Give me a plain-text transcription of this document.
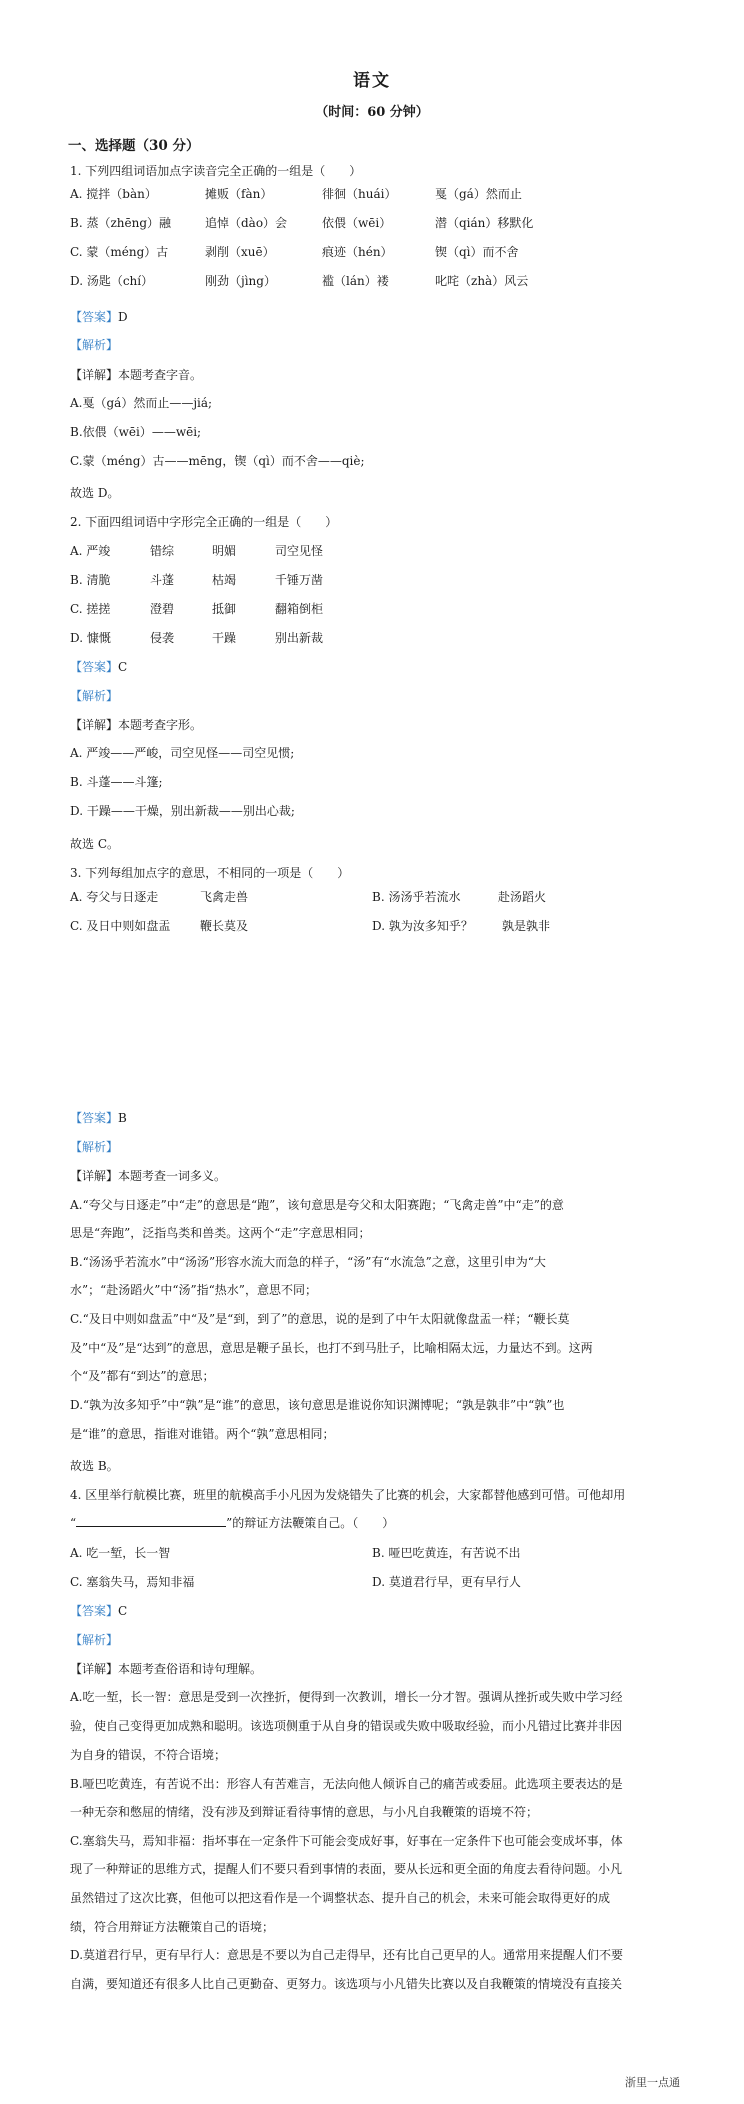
语文
（时间：60 分钟）
一、选择题（30 分）
1. 下列四组词语加点字读音完全正确的一组是（　　）
A. 搅拌（bàn）	摊贩（fàn）	徘徊（huái）	戛（gá）然而止
B. 蒸（zhēng）融	追悼（dào）会	依偎（wēi）	潜（qián）移默化
C. 蒙（méng）古	剥削（xuē）	痕迹（hén）	锲（qì）而不舍
D. 汤匙（chí）	刚劲（jìng）	褴（lán）褛	叱咤（zhà）风云
【答案】D
【解析】
【详解】本题考查字音。
A.戛（gá）然而止——jiá;
B.依偎（wēi）——wēi;
C.蒙（méng）古——mēng，锲（qì）而不舍——qiè;
故选 D。
2. 下面四组词语中字形完全正确的一组是（　　）
A. 严竣	错综	明媚	司空见怪
B. 清脆	斗蓬	枯竭	千锤万凿
C. 搓搓	澄碧	抵御	翻箱倒柜
D. 慷慨	侵袭	干躁	别出新裁
【答案】C
【解析】
【详解】本题考查字形。
A. 严竣——严峻，司空见怪——司空见惯;
B. 斗蓬——斗篷;
D. 干躁——干燥，别出新裁——别出心裁;
故选 C。
3. 下列每组加点字的意思，不相同的一项是（　　）
A. 夸父与日逐走	飞禽走兽	B. 汤汤乎若流水	赴汤蹈火
C. 及日中则如盘盂 鞭长莫及	D. 孰为汝多知乎？ 孰是孰非
【答案】B
【解析】
【详解】本题考查一词多义。
A.“夸父与日逐走”中“走”的意思是“跑”，该句意思是夸父和太阳赛跑；“飞禽走兽”中“走”的意
思是“奔跑”，泛指鸟类和兽类。这两个“走”字意思相同；
B.“汤汤乎若流水”中“汤汤”形容水流大而急的样子，“汤”有“水流急”之意，这里引申为“大
水”；“赴汤蹈火”中“汤”指“热水”，意思不同；
C.“及日中则如盘盂”中“及”是“到，到了”的意思，说的是到了中午太阳就像盘盂一样；“鞭长莫
及”中“及”是“达到”的意思，意思是鞭子虽长，也打不到马肚子，比喻相隔太远，力量达不到。这两
个“及”都有“到达”的意思；
D.“孰为汝多知乎”中“孰”是“谁”的意思，该句意思是谁说你知识渊博呢；“孰是孰非”中“孰”也
是“谁”的意思，指谁对谁错。两个“孰”意思相同；
故选 B。
4. 区里举行航模比赛，班里的航模高手小凡因为发烧错失了比赛的机会，大家都替他感到可惜。可他却用
“	”的辩证方法鞭策自己。（　　）
A. 吃一堑，长一智	B. 哑巴吃黄连，有苦说不出
C. 塞翁失马，焉知非福	D. 莫道君行早，更有早行人
【答案】C
【解析】
【详解】本题考查俗语和诗句理解。
A.吃一堑，长一智：意思是受到一次挫折，便得到一次教训，增长一分才智。强调从挫折或失败中学习经
验，使自己变得更加成熟和聪明。该选项侧重于从自身的错误或失败中吸取经验，而小凡错过比赛并非因
为自身的错误，不符合语境；
B.哑巴吃黄连，有苦说不出：形容人有苦难言，无法向他人倾诉自己的痛苦或委屈。此选项主要表达的是
一种无奈和憋屈的情绪，没有涉及到辩证看待事情的意思，与小凡自我鞭策的语境不符；
C.塞翁失马，焉知非福：指坏事在一定条件下可能会变成好事，好事在一定条件下也可能会变成坏事，体
现了一种辩证的思维方式，提醒人们不要只看到事情的表面，要从长远和更全面的角度去看待问题。小凡
虽然错过了这次比赛，但他可以把这看作是一个调整状态、提升自己的机会，未来可能会取得更好的成
绩，符合用辩证方法鞭策自己的语境；
D.莫道君行早，更有早行人：意思是不要以为自己走得早，还有比自己更早的人。通常用来提醒人们不要
自满，要知道还有很多人比自己更勤奋、更努力。该选项与小凡错失比赛以及自我鞭策的情境没有直接关
浙里一点通
